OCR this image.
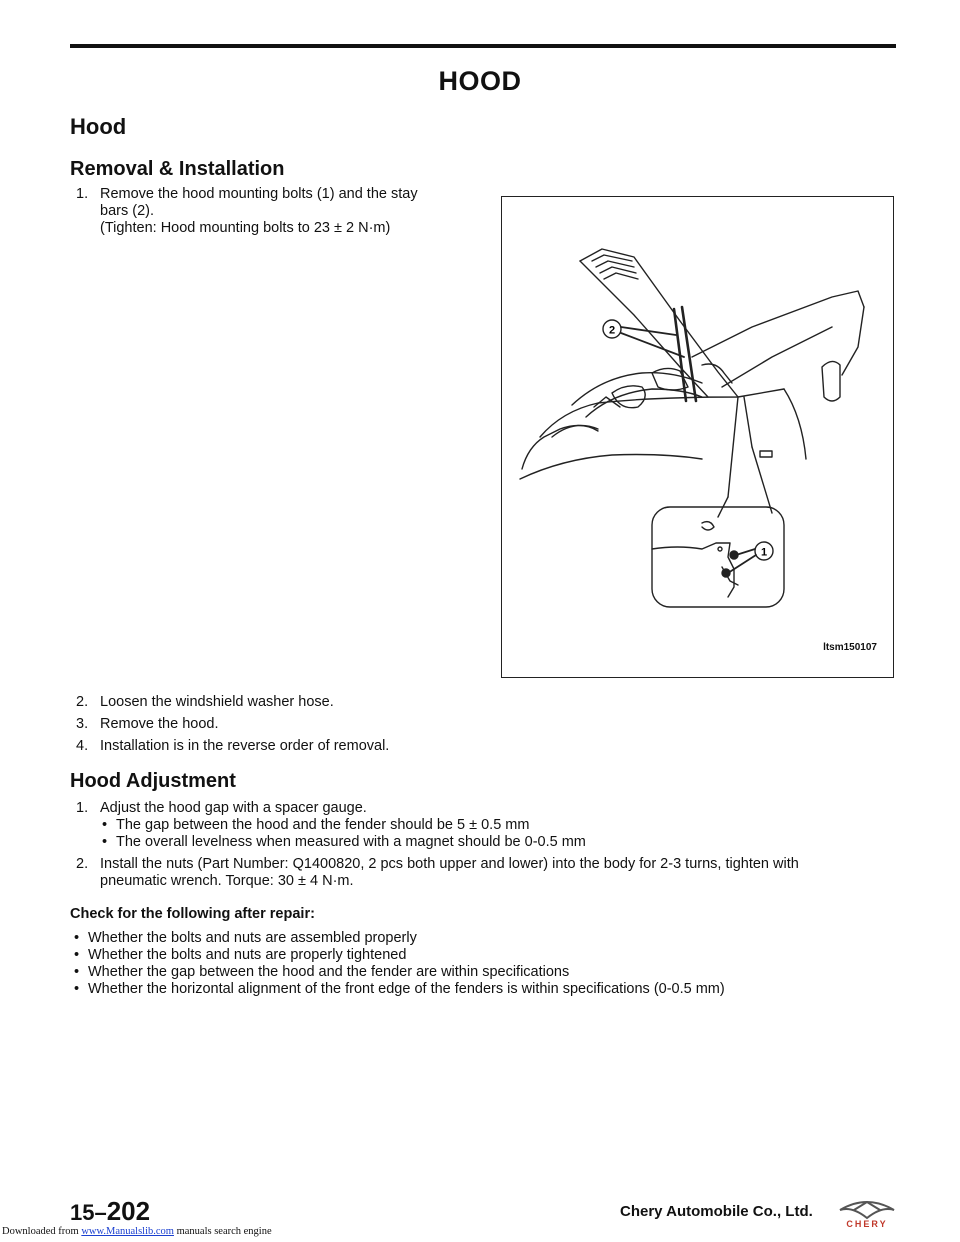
HOOD
Hood
Removal & Installation
1. Remove the hood mounting bolts (1) and the stay
bars (2).
(Tighten: Hood mounting bolts to 23 ± 2 N·m)
2. Loosen the windshield washer hose.
3. Remove the hood.
4. Installation is in the reverse order of removal.
2
1
ltsm150107
Hood Adjustment
1. Adjust the hood gap with a spacer gauge.
• The gap between the hood and the fender should be 5 ± 0.5 mm
• The overall levelness when measured with a magnet should be 0-0.5 mm
2. Install the nuts (Part Number: Q1400820, 2 pcs both upper and lower) into the body for 2-3 turns, tighten with
pneumatic wrench. Torque: 30 ± 4 N·m.
Check for the following after repair:
• Whether the bolts and nuts are assembled properly
• Whether the bolts and nuts are properly tightened
• Whether the gap between the hood and the fender are within specifications
• Whether the horizontal alignment of the front edge of the fenders is within specifications (0-0.5 mm)
15–202	Chery Automobile Co., Ltd.
CHERY
Downloaded from www.Manualslib.com manuals search engine
